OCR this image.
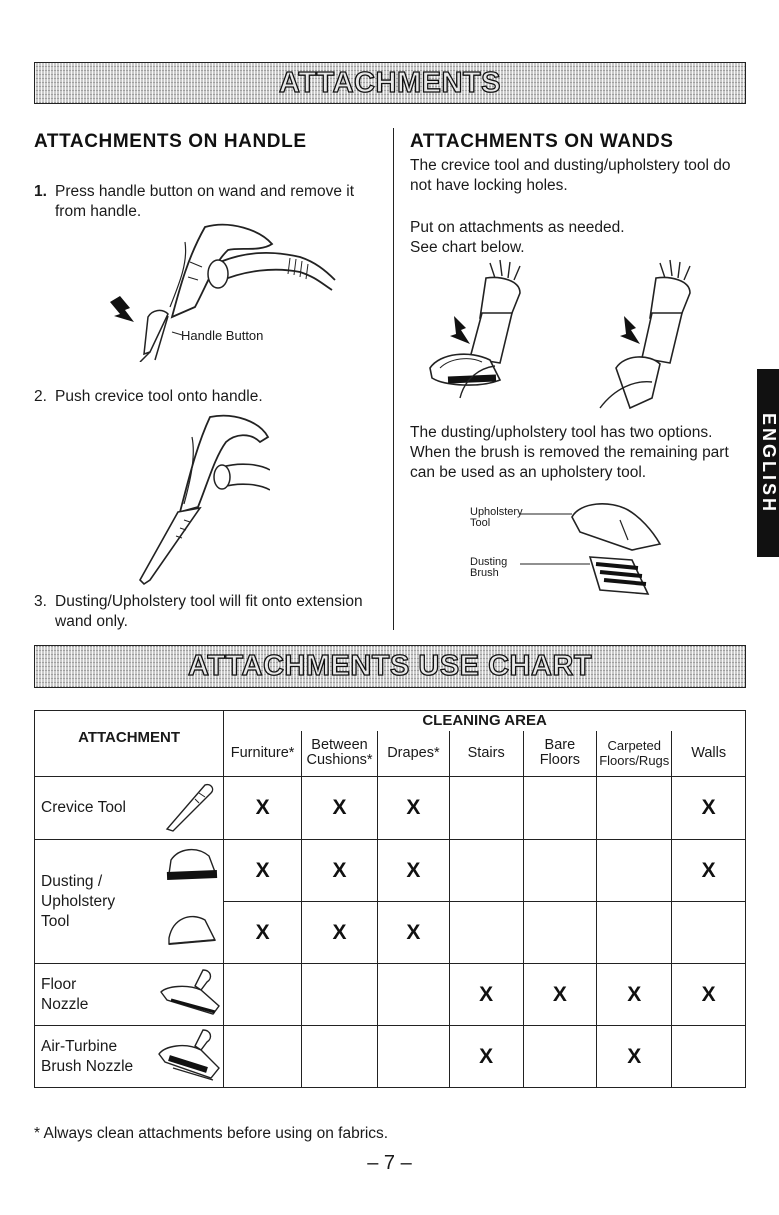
ATTACHMENTS
ENGLISH
ATTACHMENTS ON HANDLE

1. Press handle button on wand and remove it from handle.

Handle Button

2. Push crevice tool onto handle.

3. Dusting/Upholstery tool will fit onto extension wand only.

ATTACHMENTS ON WANDS

The crevice tool and dusting/upholstery tool do not have locking holes.

Put on attachments as needed.

See chart below.

The dusting/upholstery tool has two options. When the brush is removed the remaining part can be used as an upholstery tool.

Upholstery Tool
Dusting Brush
ATTACHMENTS USE CHART
ATTACHMENT	CLEANING AREA						
	Furniture*	Between Cushions*	Drapes*	Stairs	Bare Floors	Carpeted Floors/Rugs	Walls

Crevice Tool	X	X	X				X

Dusting / Upholstery Tool	X	X	X				X
	X	X	X				

Floor Nozzle				X	X	X	X

Air-Turbine Brush Nozzle				X		X	

* Always clean attachments before using on fabrics.

– 7 –
